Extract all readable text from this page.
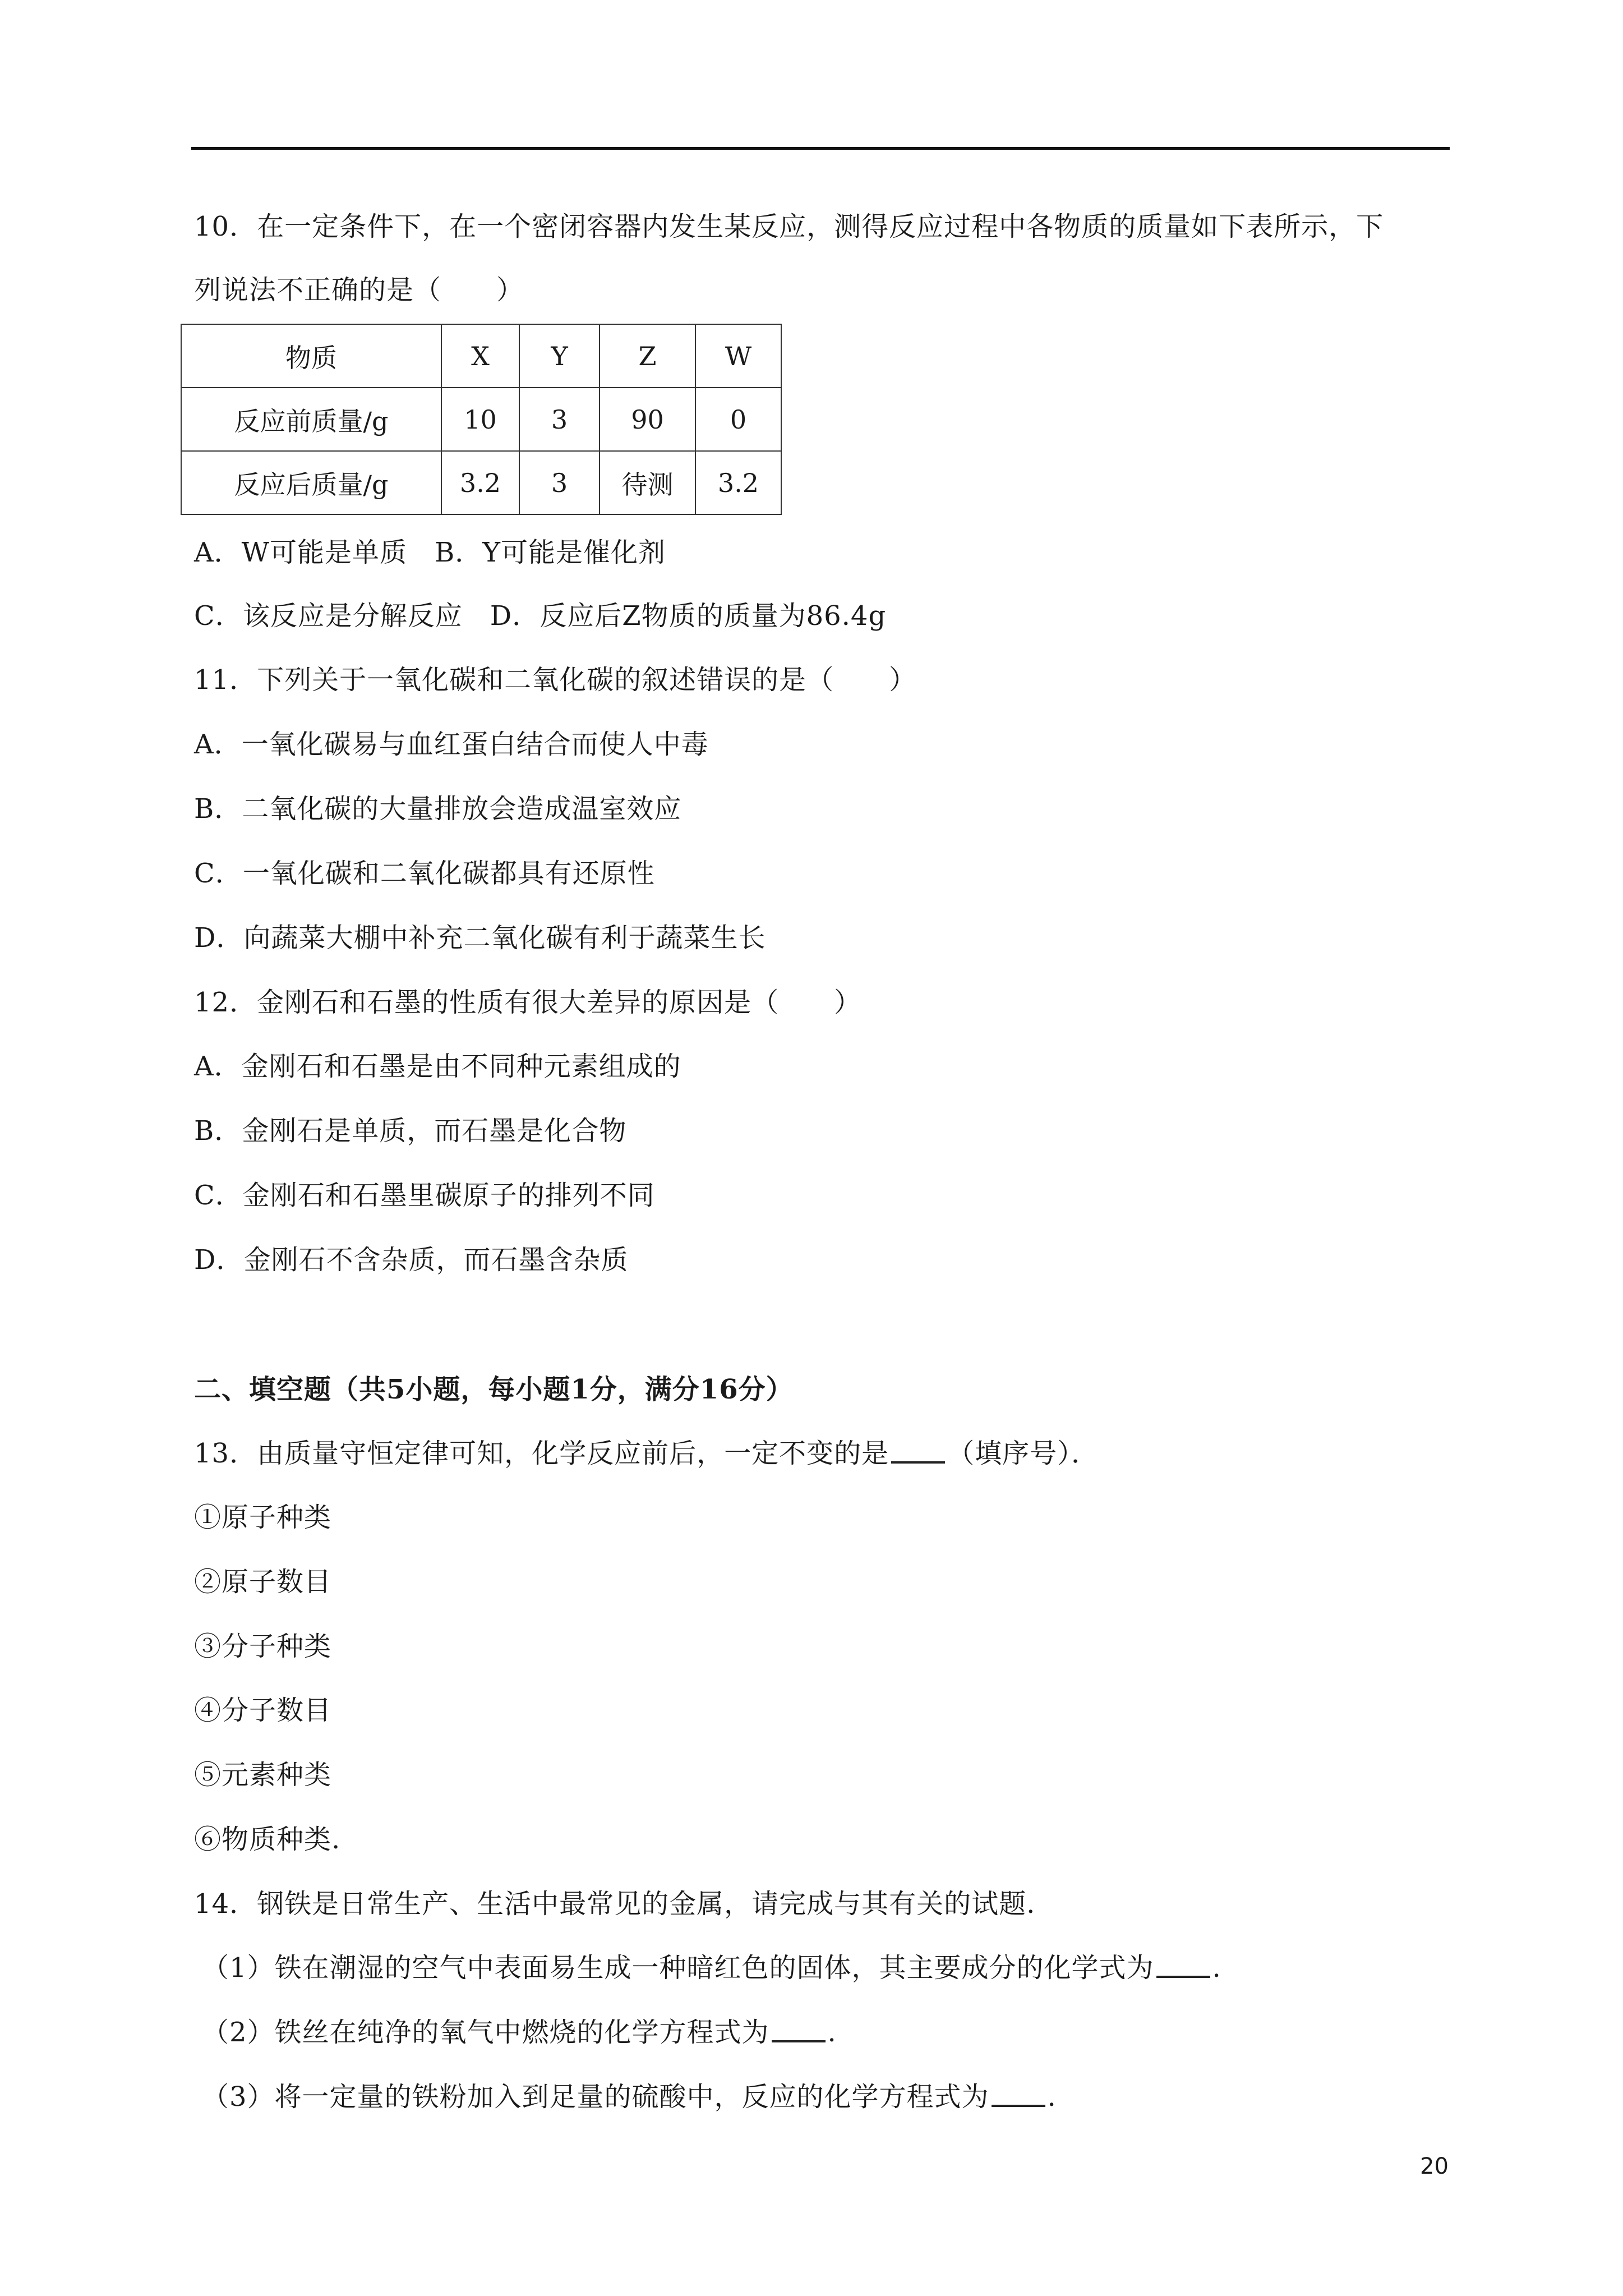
10．在一定条件下，在一个密闭容器内发生某反应，测得反应过程中各物质的质量如下表所示，下
列说法不正确的是（　　）
物质	X	Y	Z	W
反应前质量/g	10	3	90	0
反应后质量/g	3.2	3	待测	3.2
A．W可能是单质　B．Y可能是催化剂
C．该反应是分解反应　D．反应后Z物质的质量为86.4g
11．下列关于一氧化碳和二氧化碳的叙述错误的是（　　）
A．一氧化碳易与血红蛋白结合而使人中毒
B．二氧化碳的大量排放会造成温室效应
C．一氧化碳和二氧化碳都具有还原性
D．向蔬菜大棚中补充二氧化碳有利于蔬菜生长
12．金刚石和石墨的性质有很大差异的原因是（　　）
A．金刚石和石墨是由不同种元素组成的
B．金刚石是单质，而石墨是化合物
C．金刚石和石墨里碳原子的排列不同
D．金刚石不含杂质，而石墨含杂质
二、填空题（共5小题，每小题1分，满分16分）
13．由质量守恒定律可知，化学反应前后，一定不变的是 （填序号）．
①原子种类
②原子数目
③分子种类
④分子数目
⑤元素种类
⑥物质种类.
14．钢铁是日常生产、生活中最常见的金属，请完成与其有关的试题.
（1）铁在潮湿的空气中表面易生成一种暗红色的固体，其主要成分的化学式为 .
（2）铁丝在纯净的氧气中燃烧的化学方程式为 .
（3）将一定量的铁粉加入到足量的硫酸中，反应的化学方程式为 .
20
